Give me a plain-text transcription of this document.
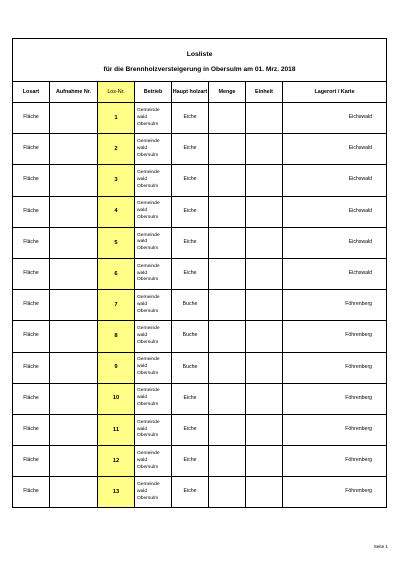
Losliste							
für die Brennholzversteigerung in Obersulm am 01. Mrz. 2018							
Losart	Aufnahme Nr.	Los-Nr.	Betrieb	Haupt holzart	Menge	Einheit	Lagerort / Karte
Fläche		1	Gemeinde
wald
Obersulm	Eiche			Eichswald
Fläche		2	Gemeinde
wald
Obersulm	Eiche			Eichswald
Fläche		3	Gemeinde
wald
Obersulm	Eiche			Eichswald
Fläche		4	Gemeinde
wald
Obersulm	Eiche			Eichswald
Fläche		5	Gemeinde
wald
Obersulm	Eiche			Eichswald
Fläche		6	Gemeinde
wald
Obersulm	Eiche			Eichswald
Fläche		7	Gemeinde
wald
Obersulm	Buche			Föhrenberg
Fläche		8	Gemeinde
wald
Obersulm	Buche			Föhrenberg
Fläche		9	Gemeinde
wald
Obersulm	Buche			Föhrenberg
Fläche		10	Gemeinde
wald
Obersulm	Eiche			Föhrenberg
Fläche		11	Gemeinde
wald
Obersulm	Eiche			Föhrenberg
Fläche		12	Gemeinde
wald
Obersulm	Eiche			Föhrenberg
Fläche		13	Gemeinde
wald
Obersulm	Eiche			Föhrenberg
Seite 1
